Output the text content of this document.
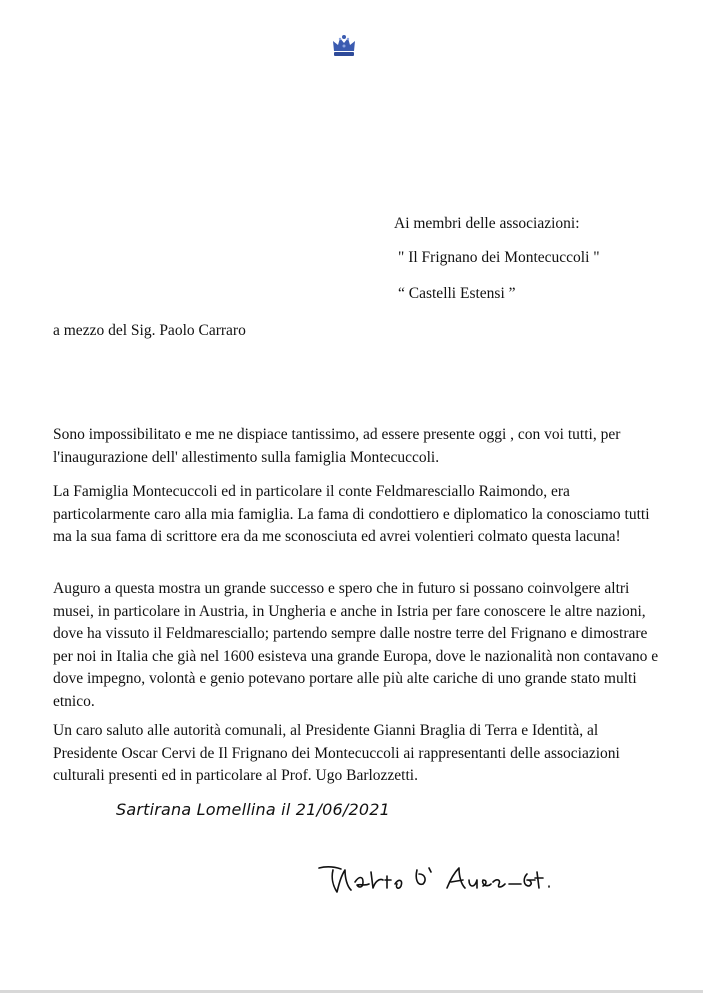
Ai membri delle associazioni:
" Il Frignano dei Montecuccoli "
“ Castelli Estensi ”
a mezzo del Sig. Paolo Carraro
Sono impossibilitato e me ne dispiace tantissimo, ad essere presente oggi , con voi tutti, per l'inaugurazione dell' allestimento sulla famiglia Montecuccoli.
La Famiglia Montecuccoli ed in particolare il conte Feldmaresciallo Raimondo, era particolarmente caro alla mia famiglia. La fama di condottiero e diplomatico la conosciamo tutti ma la sua fama di scrittore era da me sconosciuta ed avrei volentieri colmato questa lacuna!
Auguro a questa mostra un grande successo e spero che in futuro si possano coinvolgere altri musei, in particolare in Austria, in Ungheria e anche in Istria per fare conoscere le altre nazioni, dove ha vissuto il Feldmaresciallo; partendo sempre dalle nostre terre del Frignano e dimostrare per noi in Italia che già nel 1600 esisteva una grande Europa, dove le nazionalità non contavano e dove impegno, volontà e genio potevano portare alle più alte cariche di uno grande stato multi etnico.
Un caro saluto alle autorità comunali, al Presidente Gianni Braglia di Terra e Identità, al Presidente Oscar Cervi de Il Frignano dei Montecuccoli ai rappresentanti delle associazioni culturali presenti ed in particolare al Prof. Ugo Barlozzetti.
Sartirana Lomellina il 21/06/2021
